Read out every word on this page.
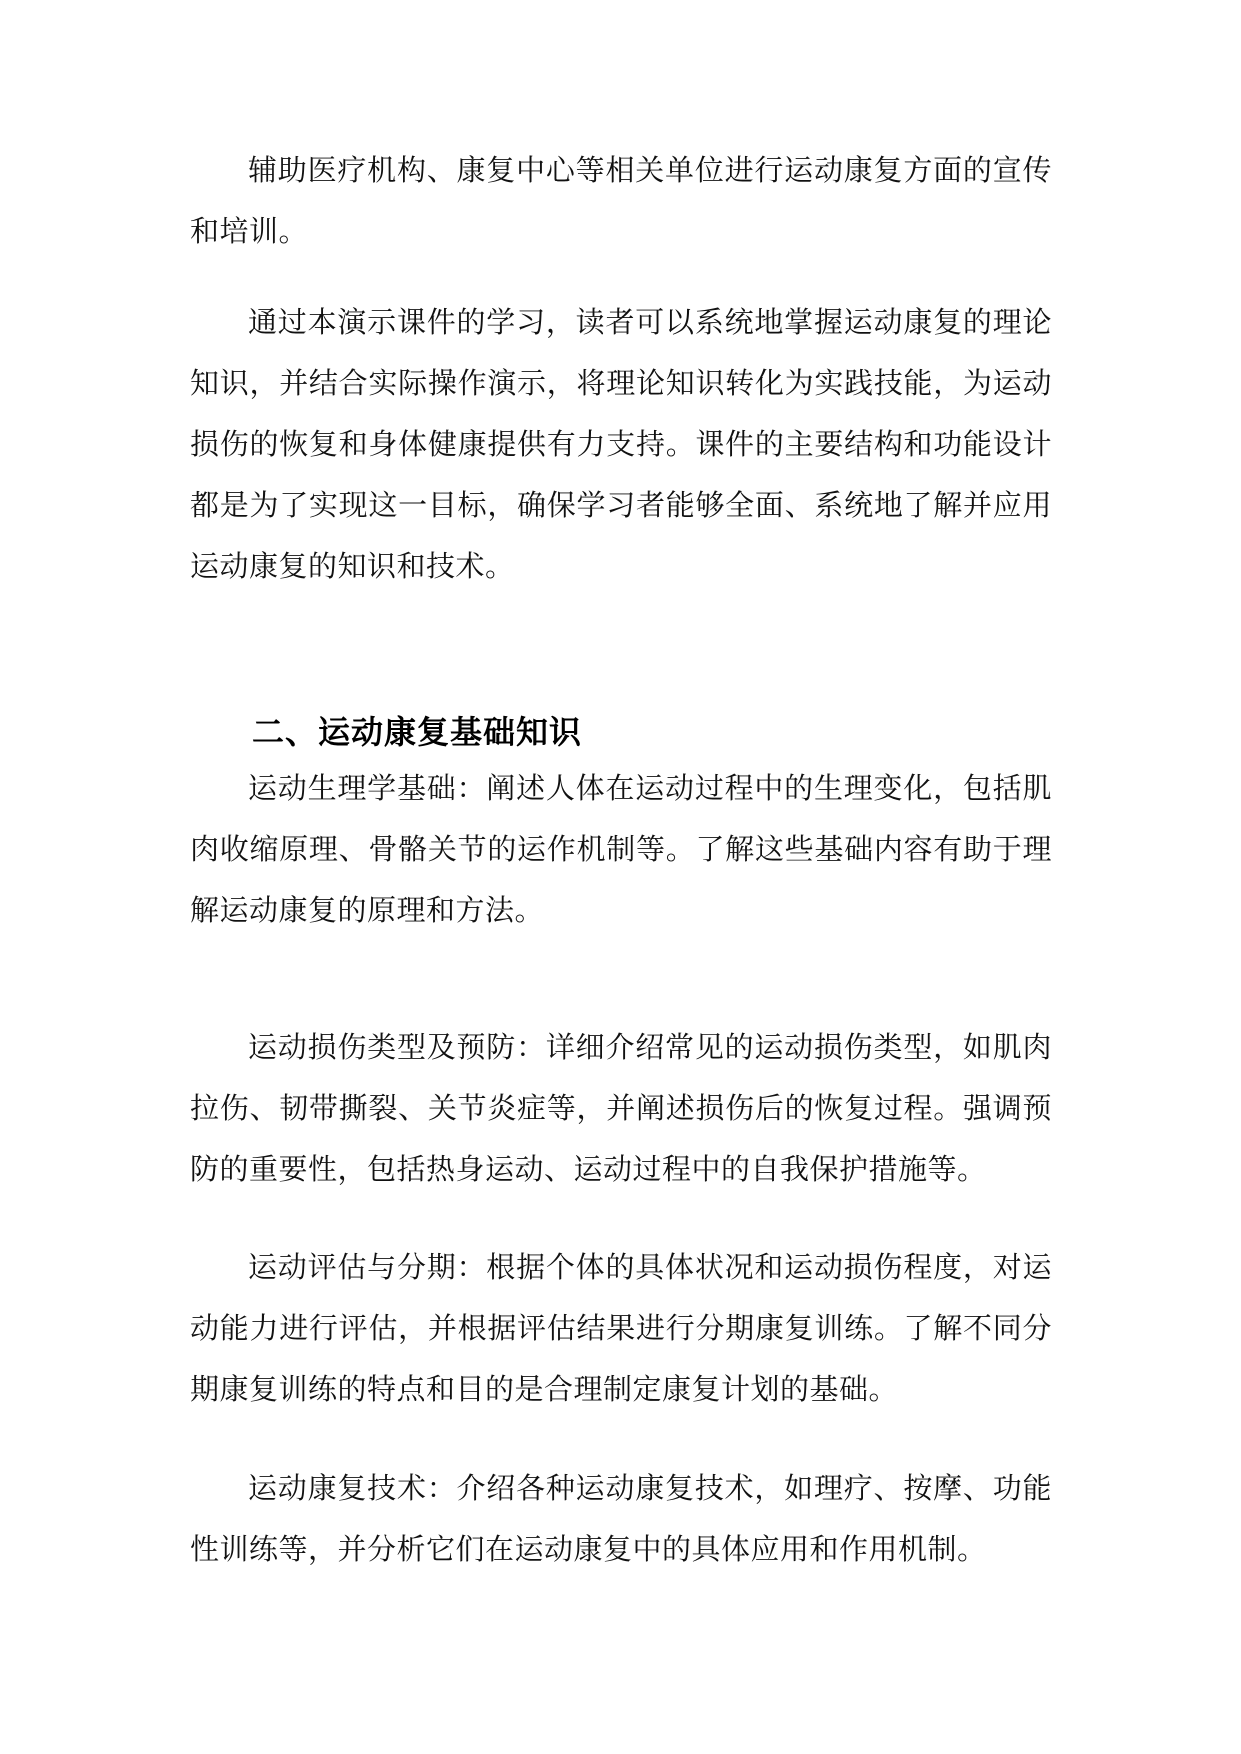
辅助医疗机构、康复中心等相关单位进行运动康复方面的宣传和培训。

通过本演示课件的学习，读者可以系统地掌握运动康复的理论知识，并结合实际操作演示，将理论知识转化为实践技能，为运动损伤的恢复和身体健康提供有力支持。课件的主要结构和功能设计都是为了实现这一目标，确保学习者能够全面、系统地了解并应用运动康复的知识和技术。

二、运动康复基础知识

运动生理学基础：阐述人体在运动过程中的生理变化，包括肌肉收缩原理、骨骼关节的运作机制等。了解这些基础内容有助于理解运动康复的原理和方法。

运动损伤类型及预防：详细介绍常见的运动损伤类型，如肌肉拉伤、韧带撕裂、关节炎症等，并阐述损伤后的恢复过程。强调预防的重要性，包括热身运动、运动过程中的自我保护措施等。

运动评估与分期：根据个体的具体状况和运动损伤程度，对运动能力进行评估，并根据评估结果进行分期康复训练。了解不同分期康复训练的特点和目的是合理制定康复计划的基础。

运动康复技术：介绍各种运动康复技术，如理疗、按摩、功能性训练等，并分析它们在运动康复中的具体应用和作用机制。
